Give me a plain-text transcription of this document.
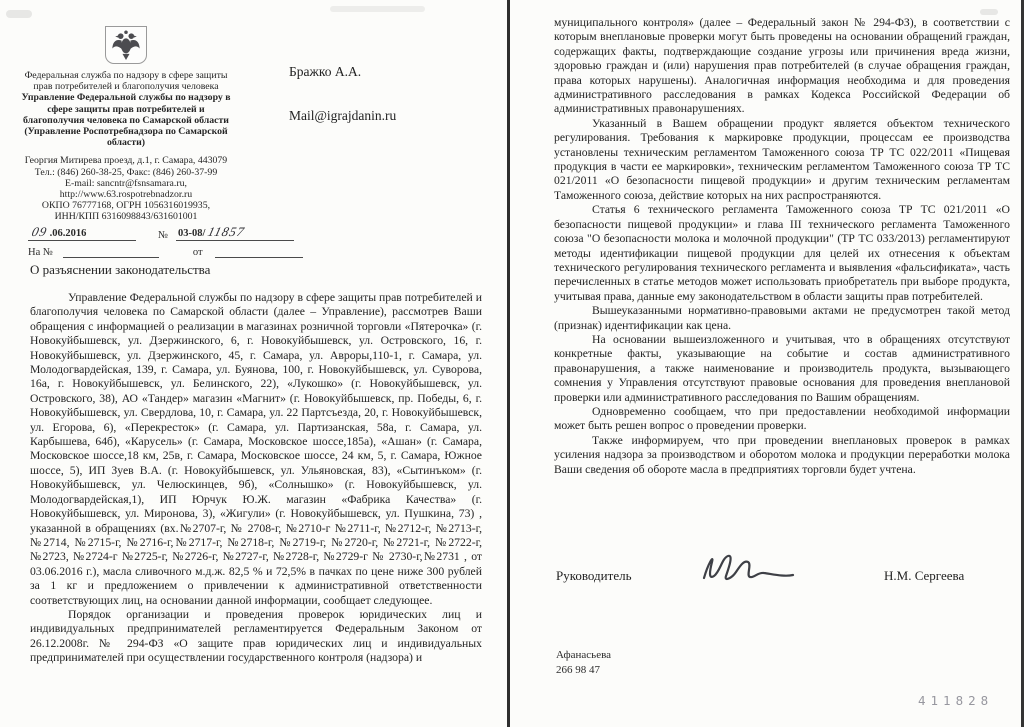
Федеральная служба по надзору в сфере защиты прав потребителей и благополучия человека
Управление Федеральной службы по надзору в сфере защиты прав потребителей и благополучия человека по Самарской области
(Управление Роспотребнадзора по Самарской области)
Георгия Митирева проезд, д.1, г. Самара, 443079
Тел.: (846) 260-38-25, Факс: (846) 260-37-99
E-mail: sancntr@fsnsamara.ru,
http://www.63.rospotrebnadzor.ru
ОКПО 76777168, ОГРН 1056316019935,
ИНН/КПП 6316098843/631601001
Бражко А.А.
Mail@igrajdanin.ru
09 .06.2016	№ 03-08/ 11857
На №
	от

О разъяснении законодательства

Управление Федеральной службы по надзору в сфере защиты прав потребителей и благополучия человека по Самарской области (далее – Управление), рассмотрев Ваши обращения с информацией о реализации в магазинах розничной торговли «Пятерочка» (г. Новокуйбышевск, ул. Дзержинского, 6, г. Новокуйбышевск, ул. Островского, 16, г. Новокуйбышевск, ул. Дзержинского, 45, г. Самара, ул. Авроры,110-1, г. Самара, ул. Молодогвардейская, 139, г. Самара, ул. Буянова, 100, г. Новокуйбышевск, ул. Суворова, 16а, г. Новокуйбышевск, ул. Белинского, 22), «Лукошко» (г. Новокуйбышевск, ул. Островского, 38), АО «Тандер» магазин «Магнит» (г. Новокуйбышевск, пр. Победы, 6, г. Новокуйбышевск, ул. Свердлова, 10, г. Самара, ул. 22 Партсъезда, 20, г. Новокуйбышевск, ул. Егорова, 6), «Перекресток» (г. Самара, ул. Партизанская, 58а, г. Самара, ул. Карбышева, 64б), «Карусель» (г. Самара, Московское шоссе,185а), «Ашан» (г. Самара, Московское шоссе,18 км, 25в, г. Самара, Московское шоссе, 24 км, 5, г. Самара, Южное шоссе, 5), ИП Зуев В.А. (г. Новокуйбышевск, ул. Ульяновская, 83), «Сытинъком» (г. Новокуйбышевск, ул. Челюскинцев, 9б), «Солнышко» (г. Новокуйбышевск, ул. Молодогвардейская,1), ИП Юрчук Ю.Ж. магазин «Фабрика Качества» (г. Новокуйбышевск, ул. Миронова, 3), «Жигули» (г. Новокуйбышевск, ул. Пушкина, 73) , указанной в обращениях (вх.№2707-г, № 2708-г, №2710-г №2711-г, №2712-г, №2713-г, №2714, №2715-г, №2716-г,№2717-г, №2718-г, №2719-г, №2720-г, №2721-г, №2722-г, №2723, №2724-г №2725-г, №2726-г, №2727-г, №2728-г, №2729-г № 2730-г,№2731 , от 03.06.2016 г.), масла сливочного м.д.ж. 82,5 % и 72,5% в пачках по цене ниже 300 рублей за 1 кг и предложением о привлечении к административной ответственности соответствующих лиц, на основании данной информации, сообщает следующее.

Порядок организации и проведения проверок юридических лиц и индивидуальных предпринимателей регламентируется Федеральным Законом от 26.12.2008г. № 294-ФЗ «О защите прав юридических лиц и индивидуальных предпринимателей при осуществлении государственного контроля (надзора) и

муниципального контроля» (далее – Федеральный закон № 294-ФЗ), в соответствии с которым внеплановые проверки могут быть проведены на основании обращений граждан, содержащих факты, подтверждающие создание угрозы или причинения вреда жизни, здоровью граждан и (или) нарушения прав потребителей (в случае обращения граждан, права которых нарушены). Аналогичная информация необходима и для проведения административного расследования в рамках Кодекса Российской Федерации об административных правонарушениях.

Указанный в Вашем обращении продукт является объектом технического регулирования. Требования к маркировке продукции, процессам ее производства установлены техническим регламентом Таможенного союза ТР ТС 022/2011 «Пищевая продукция в части ее маркировки», техническим регламентом Таможенного союза ТР ТС 021/2011 «О безопасности пищевой продукции» и другим техническим регламентам Таможенного союза, действие которых на них распространяются.

Статья 6 технического регламента Таможенного союза ТР ТС 021/2011 «О безопасности пищевой продукции» и глава III технического регламента Таможенного союза "О безопасности молока и молочной продукции" (ТР ТС 033/2013) регламентируют методы идентификации пищевой продукции для целей их отнесения к объектам технического регулирования технического регламента и выявления «фальсификата», часть перечисленных в статье методов может использовать приобретатель при выборе продукта, учитывая права, данные ему законодательством в области защиты прав потребителей.

Вышеуказанными нормативно-правовыми актами не предусмотрен такой метод (признак) идентификации как цена.

На основании вышеизложенного и учитывая, что в обращениях отсутствуют конкретные факты, указывающие на событие и состав административного правонарушения, а также наименование и производитель продукта, вызывающего сомнения у Управления отсутствуют правовые основания для проведения внеплановой проверки или административного расследования по Вашим обращениям.

Одновременно сообщаем, что при предоставлении необходимой информации может быть решен вопрос о проведении проверки.

Также информируем, что при проведении внеплановых проверок в рамках усиления надзора за производством и оборотом молока и продукции переработки молока Ваши сведения об обороте масла в предприятиях торговли будет учтена.

Руководитель	Н.М. Сергеева
Афанасьева
266 98 47
411828
